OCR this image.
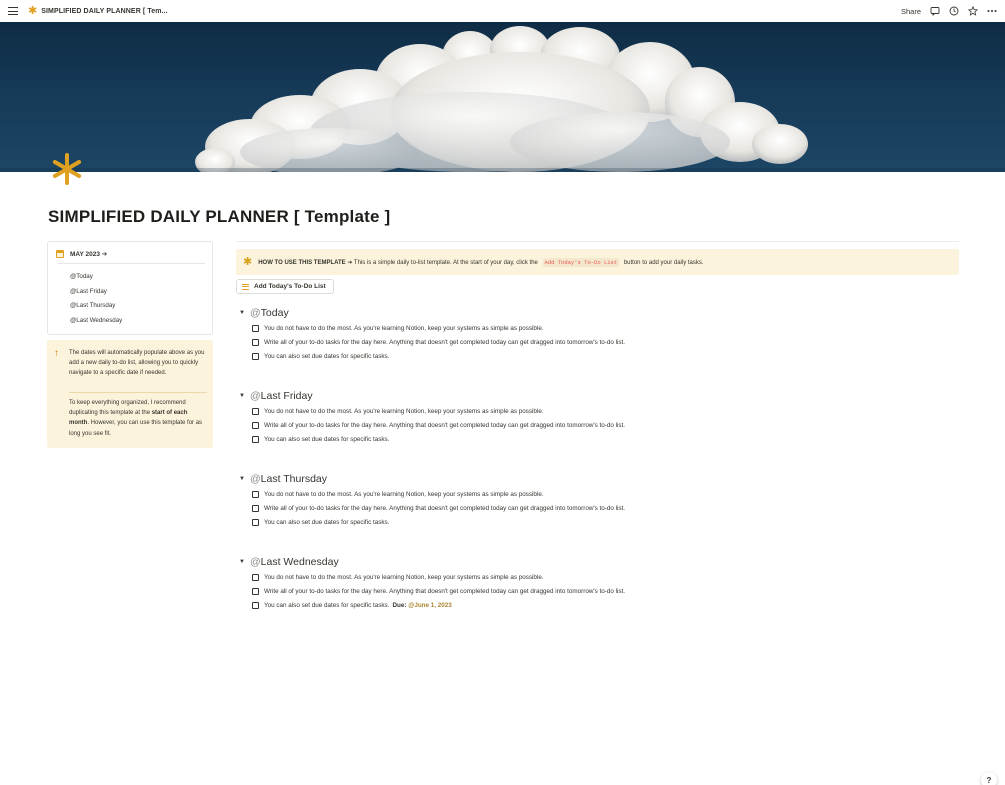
✱ SIMPLIFIED DAILY PLANNER [ Tem...	Share
SIMPLIFIED DAILY PLANNER [ Template ]
MAY 2023 ➔
@Today
@Last Friday
@Last Thursday
@Last Wednesday
↑ The dates will automatically populate above as you add a new daily to-do list, allowing you to quickly navigate to a specific date if needed.
To keep everything organized, I recommend duplicating this template at the start of each month. However, you can use this template for as long you see fit.
✱ HOW TO USE THIS TEMPLATE ➔ This is a simple daily to-list template. At the start of your day, click the Add Today's To-Do List button to add your daily tasks.
Add Today's To-Do List
▼ @Today
You do not have to do the most. As you're learning Notion, keep your systems as simple as possible.
Write all of your to-do tasks for the day here. Anything that doesn't get completed today can get dragged into tomorrow's to-do list.
You can also set due dates for specific tasks.
▼ @Last Friday
You do not have to do the most. As you're learning Notion, keep your systems as simple as possible.
Write all of your to-do tasks for the day here. Anything that doesn't get completed today can get dragged into tomorrow's to-do list.
You can also set due dates for specific tasks.
▼ @Last Thursday
You do not have to do the most. As you're learning Notion, keep your systems as simple as possible.
Write all of your to-do tasks for the day here. Anything that doesn't get completed today can get dragged into tomorrow's to-do list.
You can also set due dates for specific tasks.
▼ @Last Wednesday
You do not have to do the most. As you're learning Notion, keep your systems as simple as possible.
Write all of your to-do tasks for the day here. Anything that doesn't get completed today can get dragged into tomorrow's to-do list.
You can also set due dates for specific tasks. Due: @June 1, 2023
?
